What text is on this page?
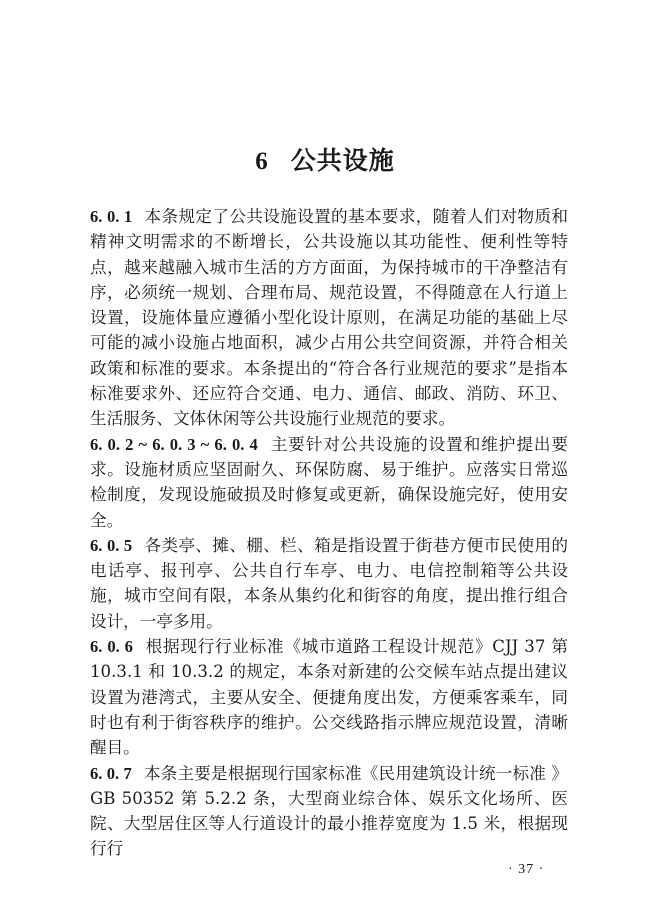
6 公共设施

6. 0. 1 本条规定了公共设施设置的基本要求，随着人们对物质和精神文明需求的不断增长，公共设施以其功能性、便利性等特点，越来越融入城市生活的方方面面，为保持城市的干净整洁有序，必须统一规划、合理布局、规范设置，不得随意在人行道上设置，设施体量应遵循小型化设计原则，在满足功能的基础上尽可能的减小设施占地面积，减少占用公共空间资源，并符合相关政策和标准的要求。本条提出的“符合各行业规范的要求”是指本标准要求外、还应符合交通、电力、通信、邮政、消防、环卫、生活服务、文体休闲等公共设施行业规范的要求。

6. 0. 2 ~ 6. 0. 3 ~ 6. 0. 4 主要针对公共设施的设置和维护提出要求。设施材质应坚固耐久、环保防腐、易于维护。应落实日常巡检制度，发现设施破损及时修复或更新，确保设施完好，使用安全。

6. 0. 5 各类亭、摊、棚、栏、箱是指设置于街巷方便市民使用的电话亭、报刊亭、公共自行车亭、电力、电信控制箱等公共设施，城市空间有限，本条从集约化和街容的角度，提出推行组合设计，一亭多用。

6. 0. 6 根据现行行业标准《城市道路工程设计规范》CJJ 37 第 10.3.1 和 10.3.2 的规定，本条对新建的公交候车站点提出建议设置为港湾式，主要从安全、便捷角度出发，方便乘客乘车，同时也有利于街容秩序的维护。公交线路指示牌应规范设置，清晰醒目。

6. 0. 7 本条主要是根据现行国家标准《民用建筑设计统一标准 》GB 50352 第 5.2.2 条，大型商业综合体、娱乐文化场所、医院、大型居住区等人行道设计的最小推荐宽度为 1.5 米，根据现行行

· 37 ·
